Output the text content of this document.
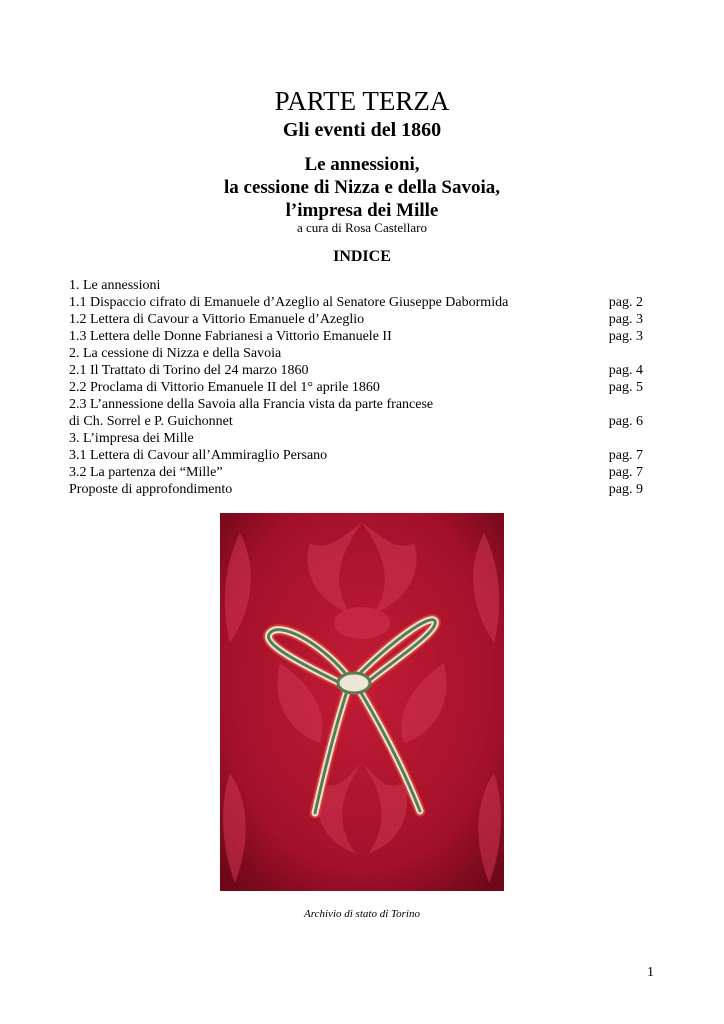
PARTE TERZA
Gli eventi del 1860
Le annessioni,
la cessione di Nizza e della Savoia,
l’impresa dei Mille
a cura di Rosa Castellaro
INDICE
1. Le annessioni
1.1 Dispaccio cifrato di Emanuele d’Azeglio al Senatore Giuseppe Dabormida	pag. 2
1.2 Lettera di Cavour a Vittorio Emanuele d’Azeglio	pag. 3
1.3 Lettera delle Donne Fabrianesi a Vittorio Emanuele II	pag. 3
2. La cessione di Nizza e della Savoia
2.1 Il Trattato di Torino del 24 marzo 1860	pag. 4
2.2 Proclama di Vittorio Emanuele II del 1° aprile 1860	pag. 5
2.3 L’annessione della Savoia alla Francia vista da parte francese
di Ch. Sorrel e P. Guichonnet	pag. 6
3. L’impresa dei Mille
3.1 Lettera di Cavour all’Ammiraglio Persano	pag. 7
3.2 La partenza dei “Mille”	pag. 7
Proposte di approfondimento	pag. 9
Archivio di stato di Torino
1
